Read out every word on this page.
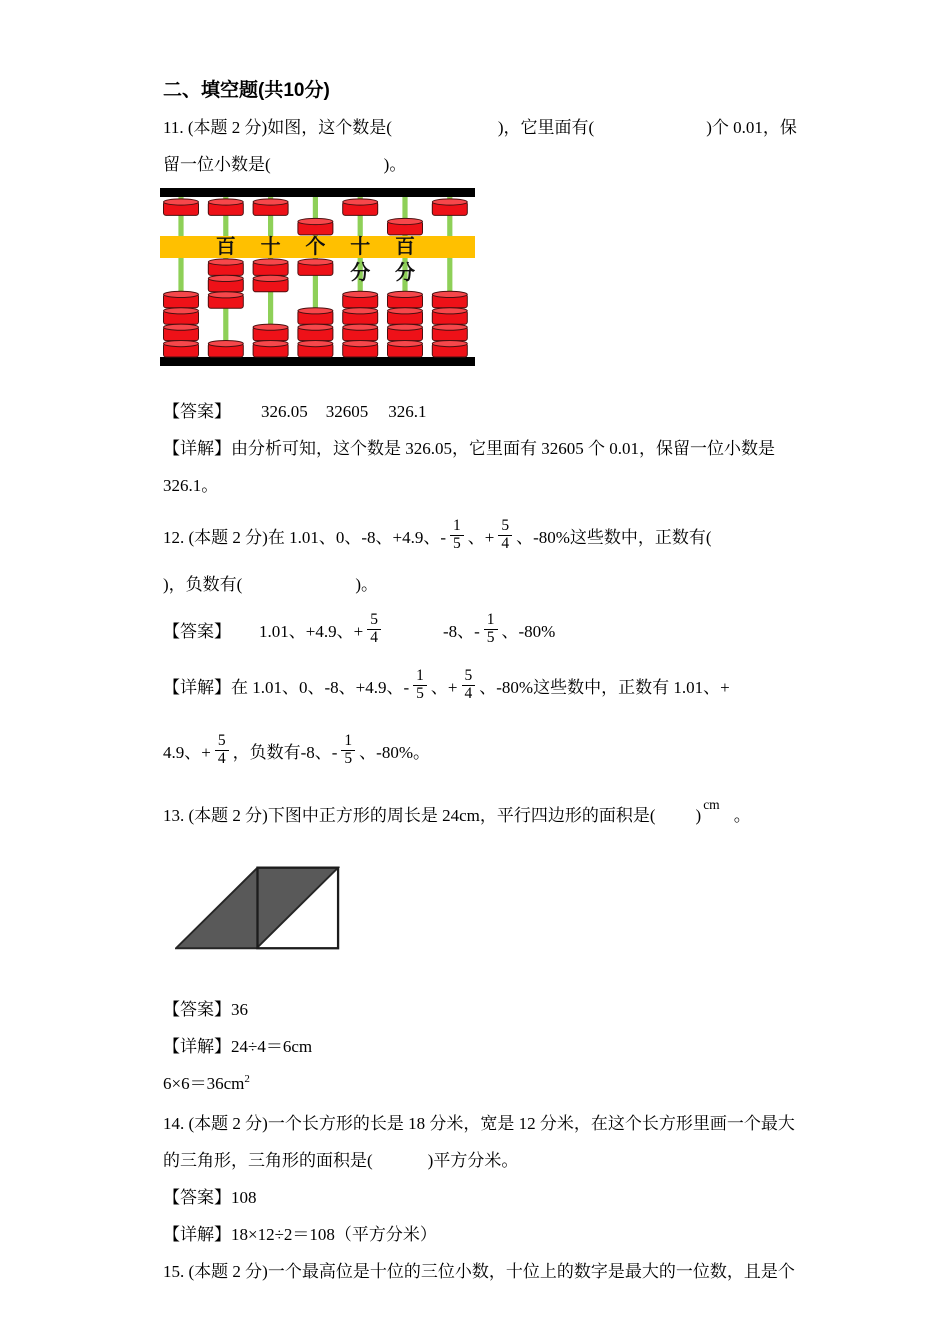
二、填空题(共10分)
11. (本题 2 分)如图，这个数是(	)，它里面有(	)个 0.01，保
留一位小数是(	)。
百 十 个 十
分
百
分
【答案】 326.05 32605 326.1
【详解】由分析可知，这个数是 326.05，它里面有 32605 个 0.01，保留一位小数是
326.1。
12. (本题 2 分)在 1.01、0、-8、+4.9、- $\frac{1}{5}$ 、+ $\frac{5}{4}$ 、-80%这些数中，正数有(
)，负数有(	)。
【答案】 1.01、+4.9、+ $\frac{5}{4}$	-8、- $\frac{1}{5}$ 、-80%
【详解】在 1.01、0、-8、+4.9、- $\frac{1}{5}$ 、+ $\frac{5}{4}$ 、-80%这些数中，正数有 1.01、+
4.9、+ $\frac{5}{4}$ ，负数有-8、- $\frac{1}{5}$ 、-80%。
13. (本题 2 分)下图中正方形的周长是 24cm，平行四边形的面积是( )$^{cm}$。
【答案】36
【详解】24÷4＝6cm
$6\times 6=36cm^2$
14. (本题 2 分)一个长方形的长是 18 分米，宽是 12 分米，在这个长方形里画一个最大
的三角形，三角形的面积是(	)平方分米。
【答案】108
【详解】18×12÷2＝108（平方分米）
15. (本题 2 分)一个最高位是十位的三位小数，十位上的数字是最大的一位数，且是个
